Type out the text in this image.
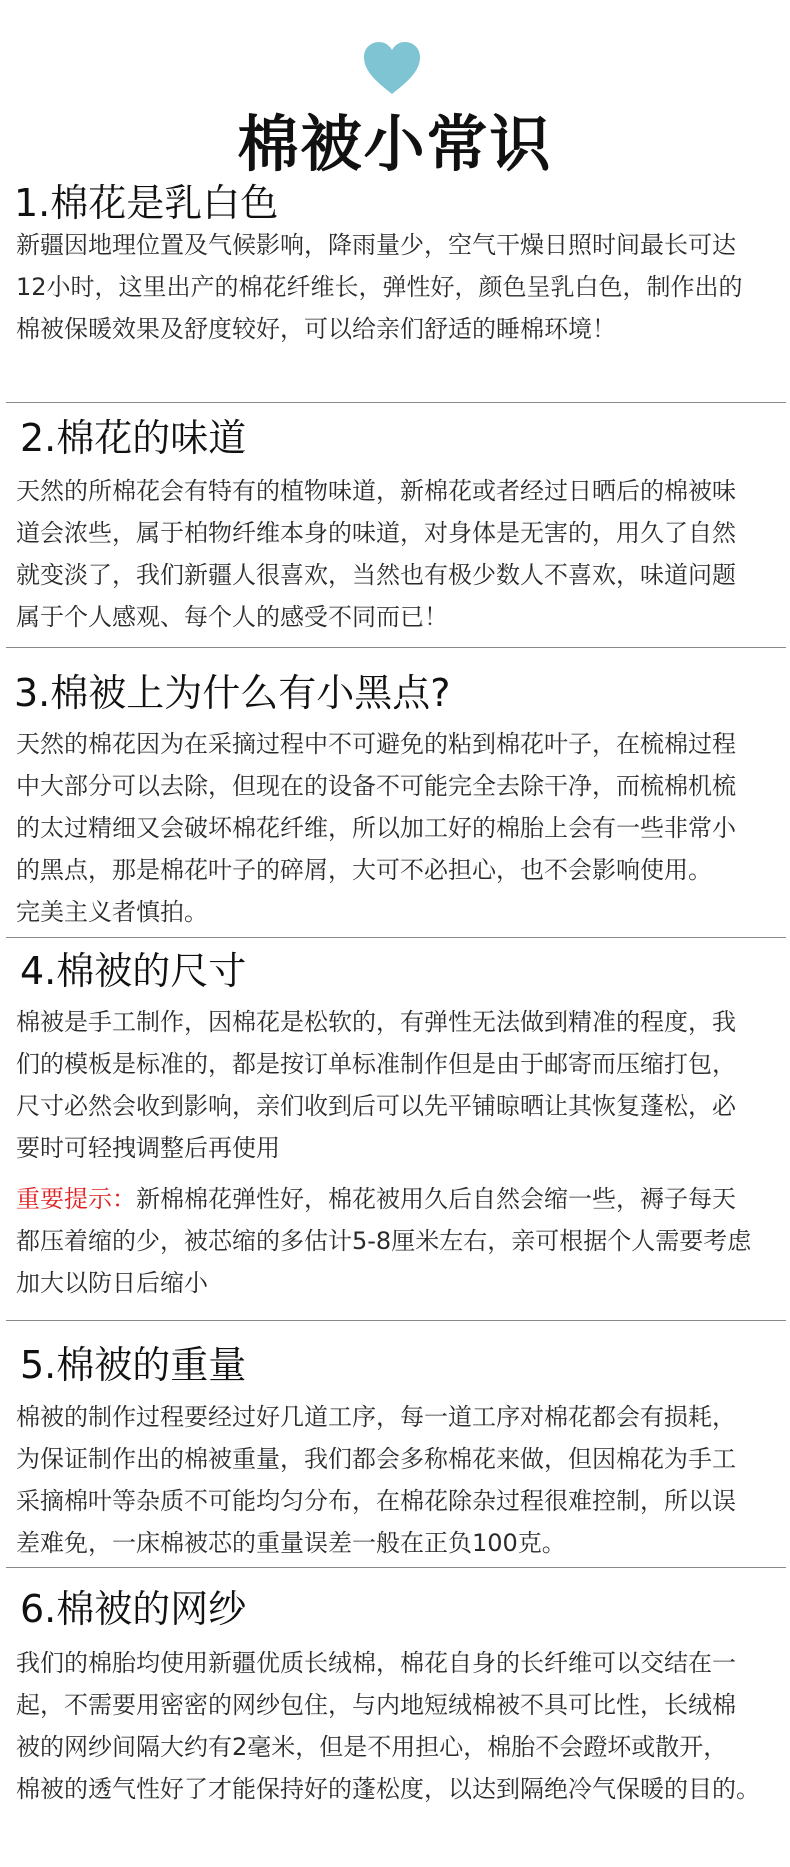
棉被小常识
1.棉花是乳白色
新疆因地理位置及气候影响，降雨量少，空气干燥日照时间最长可达
12小时，这里出产的棉花纤维长，弹性好，颜色呈乳白色，制作出的
棉被保暖效果及舒度较好，可以给亲们舒适的睡棉环境！
2.棉花的味道
天然的所棉花会有特有的植物味道，新棉花或者经过日晒后的棉被味
道会浓些，属于柏物纤维本身的味道，对身体是无害的，用久了自然
就变淡了，我们新疆人很喜欢，当然也有极少数人不喜欢，味道问题
属于个人感观、每个人的感受不同而已！
3.棉被上为什么有小黑点?
天然的棉花因为在采摘过程中不可避免的粘到棉花叶子，在梳棉过程
中大部分可以去除，但现在的设备不可能完全去除干净，而梳棉机梳
的太过精细又会破坏棉花纤维，所以加工好的棉胎上会有一些非常小
的黑点，那是棉花叶子的碎屑，大可不必担心，也不会影响使用。
完美主义者慎拍。
4.棉被的尺寸
棉被是手工制作，因棉花是松软的，有弹性无法做到精准的程度，我
们的模板是标准的，都是按订单标准制作但是由于邮寄而压缩打包，
尺寸必然会收到影响，亲们收到后可以先平铺晾晒让其恢复蓬松，必
要时可轻拽调整后再使用
重要提示：新棉棉花弹性好，棉花被用久后自然会缩一些，褥子每天
都压着缩的少，被芯缩的多估计5-8厘米左右，亲可根据个人需要考虑
加大以防日后缩小
5.棉被的重量
棉被的制作过程要经过好几道工序，每一道工序对棉花都会有损耗，
为保证制作出的棉被重量，我们都会多称棉花来做，但因棉花为手工
采摘棉叶等杂质不可能均匀分布，在棉花除杂过程很难控制，所以误
差难免，一床棉被芯的重量误差一般在正负100克。
6.棉被的网纱
我们的棉胎均使用新疆优质长绒棉，棉花自身的长纤维可以交结在一
起，不需要用密密的网纱包住，与内地短绒棉被不具可比性，长绒棉
被的网纱间隔大约有2毫米，但是不用担心，棉胎不会蹬坏或散开，
棉被的透气性好了才能保持好的蓬松度，以达到隔绝冷气保暖的目的。
